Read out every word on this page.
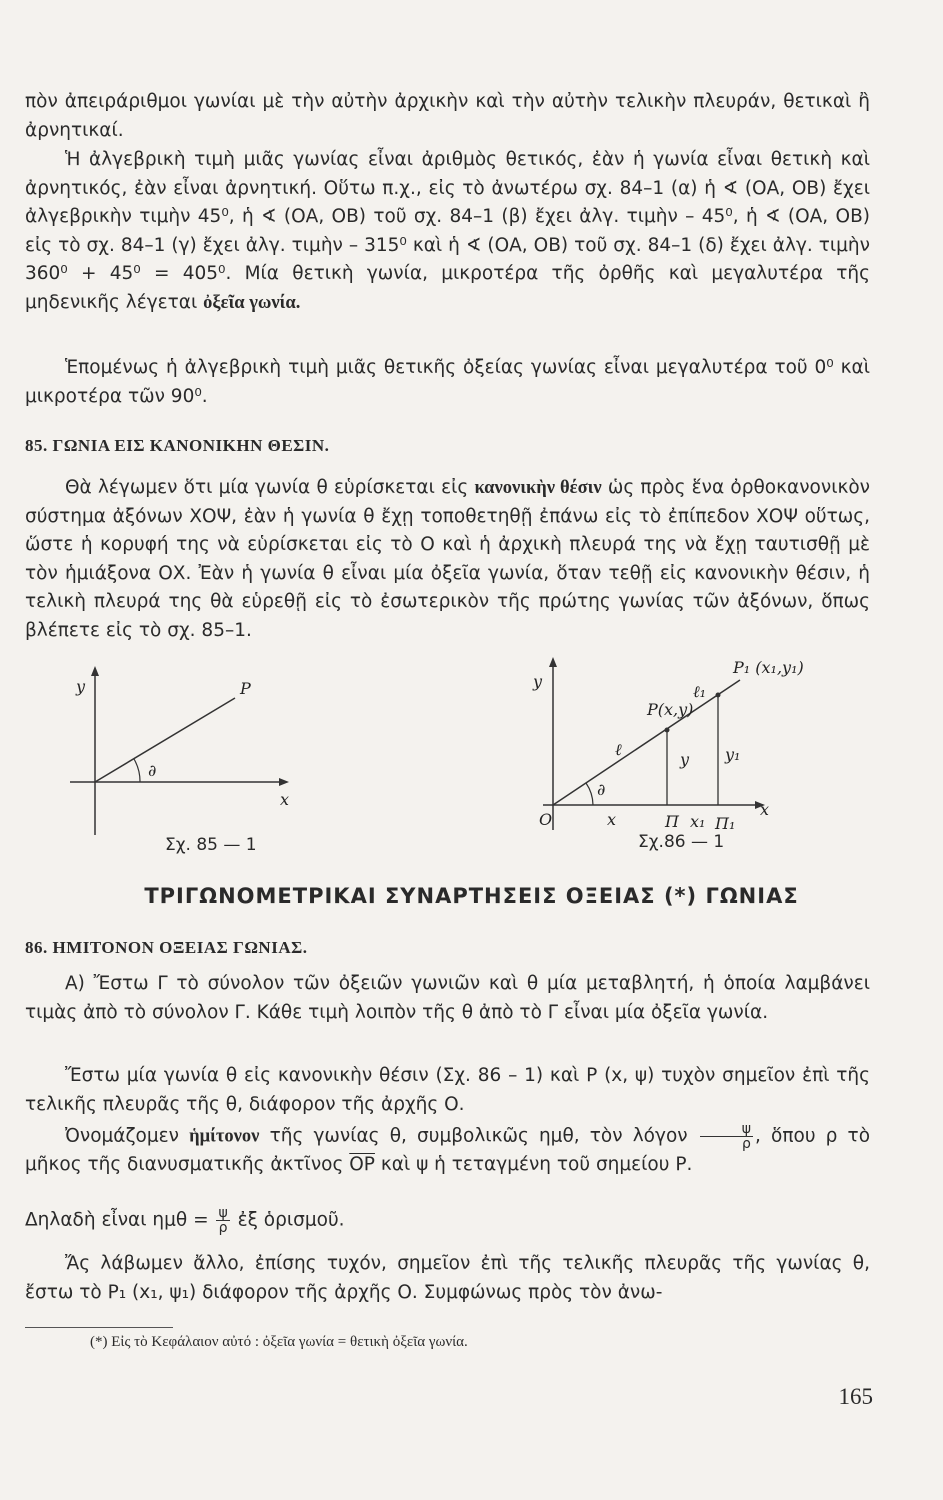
πὸν ἀπειράριθμοι γωνίαι μὲ τὴν αὐτὴν ἀρχικὴν καὶ τὴν αὐτὴν τελικὴν πλευράν, θετικαὶ ἢ ἀρνητικαί.

Ἡ ἀλγεβρικὴ τιμὴ μιᾶς γωνίας εἶναι ἀριθμὸς θετικός, ἐὰν ἡ γωνία εἶναι θετικὴ καὶ ἀρνητικός, ἐὰν εἶναι ἀρνητική. Οὕτω π.χ., εἰς τὸ ἀνωτέρω σχ. 84–1 (α) ἡ ∢ (ΟΑ, ΟΒ) ἔχει ἀλγεβρικὴν τιμὴν 45⁰, ἡ ∢ (ΟΑ, ΟΒ) τοῦ σχ. 84–1 (β) ἔχει ἀλγ. τιμὴν – 45⁰, ἡ ∢ (ΟΑ, ΟΒ) εἰς τὸ σχ. 84–1 (γ) ἔχει ἀλγ. τιμὴν – 315⁰ καὶ ἡ ∢ (ΟΑ, ΟΒ) τοῦ σχ. 84–1 (δ) ἔχει ἀλγ. τιμὴν 360⁰ + 45⁰ = 405⁰. Μία θετικὴ γωνία, μικροτέρα τῆς ὀρθῆς καὶ μεγαλυτέρα τῆς μηδενικῆς λέγεται ὀξεῖα γωνία.

Ἑπομένως ἡ ἀλγεβρικὴ τιμὴ μιᾶς θετικῆς ὀξείας γωνίας εἶναι μεγαλυτέρα τοῦ 0⁰ καὶ μικροτέρα τῶν 90⁰.

85. ΓΩΝΙΑ ΕΙΣ ΚΑΝΟΝΙΚΗΝ ΘΕΣΙΝ.

Θὰ λέγωμεν ὅτι μία γωνία θ εὑρίσκεται εἰς κανονικὴν θέσιν ὡς πρὸς ἕνα ὀρθοκανονικὸν σύστημα ἀξόνων ΧΟΨ, ἐὰν ἡ γωνία θ ἔχῃ τοποθετηθῇ ἐπάνω εἰς τὸ ἐπίπεδον ΧΟΨ οὕτως, ὥστε ἡ κορυφή της νὰ εὑρίσκεται εἰς τὸ Ο καὶ ἡ ἀρχικὴ πλευρά της νὰ ἔχῃ ταυτισθῇ μὲ τὸν ἡμιάξονα ΟΧ. Ἐὰν ἡ γωνία θ εἶναι μία ὀξεῖα γωνία, ὅταν τεθῇ εἰς κανονικὴν θέσιν, ἡ τελικὴ πλευρά της θὰ εὑρεθῇ εἰς τὸ ἐσωτερικὸν τῆς πρώτης γωνίας τῶν ἀξόνων, ὅπως βλέπετε εἰς τὸ σχ. 85–1.

y	P
∂
x
Σχ. 85 — 1
y
P₁ (x₁,y₁)
ℓ₁
P(x,y)
y₁
ℓ
y
∂
O	x	Π x₁ Π₁
x
Σχ.86 — 1
ΤΡΙΓΩΝΟΜΕΤΡΙΚΑΙ ΣΥΝΑΡΤΗΣΕΙΣ ΟΞΕΙΑΣ (*) ΓΩΝΙΑΣ
86. ΗΜΙΤΟΝΟΝ ΟΞΕΙΑΣ ΓΩΝΙΑΣ.

Α) Ἔστω Γ τὸ σύνολον τῶν ὀξειῶν γωνιῶν καὶ θ μία μεταβλητή, ἡ ὁποία λαμβάνει τιμὰς ἀπὸ τὸ σύνολον Γ. Κάθε τιμὴ λοιπὸν τῆς θ ἀπὸ τὸ Γ εἶναι μία ὀξεῖα γωνία.

Ἔστω μία γωνία θ εἰς κανονικὴν θέσιν (Σχ. 86 – 1) καὶ Ρ (x, ψ) τυχὸν σημεῖον ἐπὶ τῆς τελικῆς πλευρᾶς τῆς θ, διάφορον τῆς ἀρχῆς Ο.

Ὀνομάζομεν ἡμίτονον τῆς γωνίας θ, συμβολικῶς ημθ, τὸν λόγον $\frac{\psi}{\rho}$ , ὅπου ρ τὸ μῆκος τῆς διανυσματικῆς ἀκτῖνος $\overline{OP}$ καὶ ψ ἡ τεταγμένη τοῦ σημείου Ρ.

Δηλαδὴ εἶναι $\eta\mu\theta = \frac{\psi}{\rho}$ ἐξ ὁρισμοῦ.

Ἄς λάβωμεν ἄλλο, ἐπίσης τυχόν, σημεῖον ἐπὶ τῆς τελικῆς πλευρᾶς τῆς γωνίας θ, ἔστω τὸ Ρ₁ (x₁, ψ₁) διάφορον τῆς ἀρχῆς Ο. Συμφώνως πρὸς τὸν ἀνω-

(*) Εἰς τὸ Κεφάλαιον αὐτό : ὀξεῖα γωνία = θετικὴ ὀξεῖα γωνία.
165
